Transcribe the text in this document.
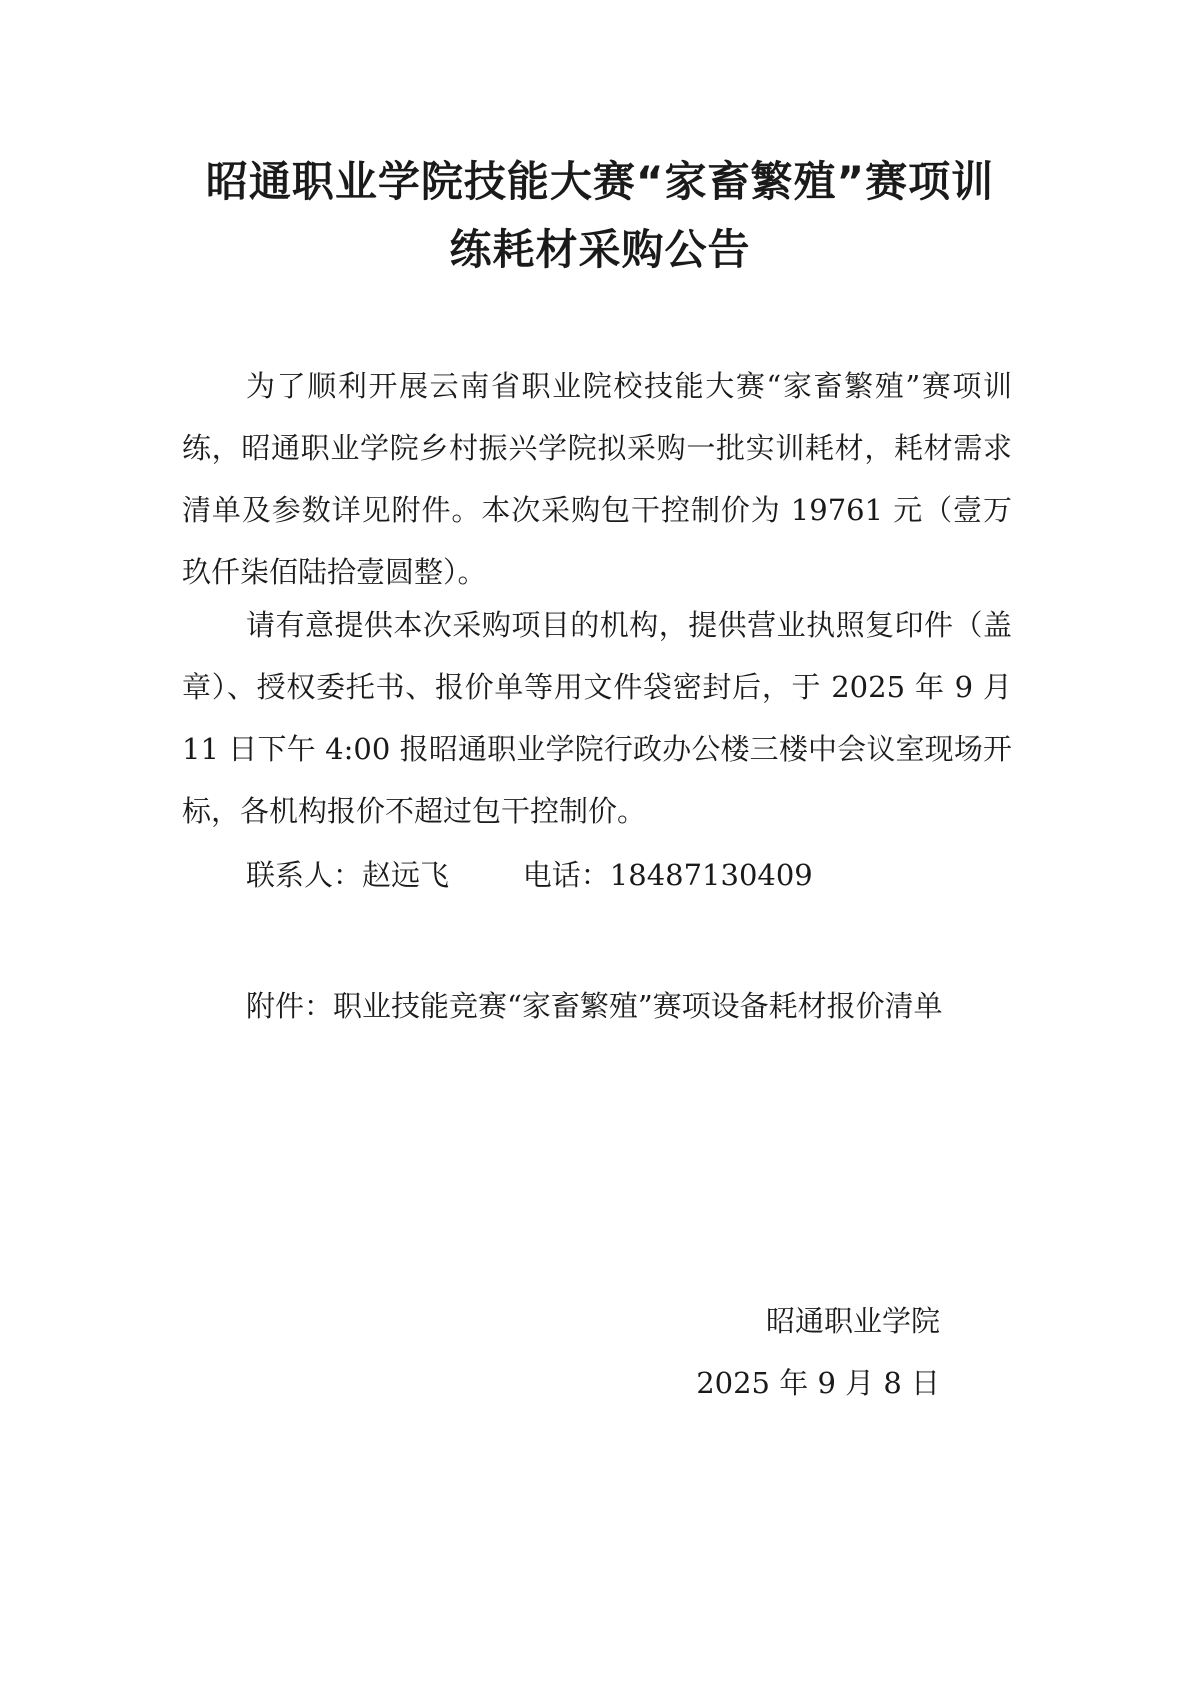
昭通职业学院技能大赛“家畜繁殖”赛项训
练耗材采购公告

为了顺利开展云南省职业院校技能大赛“家畜繁殖”赛项训练，昭通职业学院乡村振兴学院拟采购一批实训耗材，耗材需求清单及参数详见附件。本次采购包干控制价为 19761 元（壹万玖仟柒佰陆拾壹圆整）。

请有意提供本次采购项目的机构，提供营业执照复印件（盖章）、授权委托书、报价单等用文件袋密封后，于 2025 年 9 月 11 日下午 4:00 报昭通职业学院行政办公楼三楼中会议室现场开标，各机构报价不超过包干控制价。

联系人：赵远飞	电话：18487130409

附件：职业技能竞赛“家畜繁殖”赛项设备耗材报价清单

昭通职业学院
2025 年 9 月 8 日
